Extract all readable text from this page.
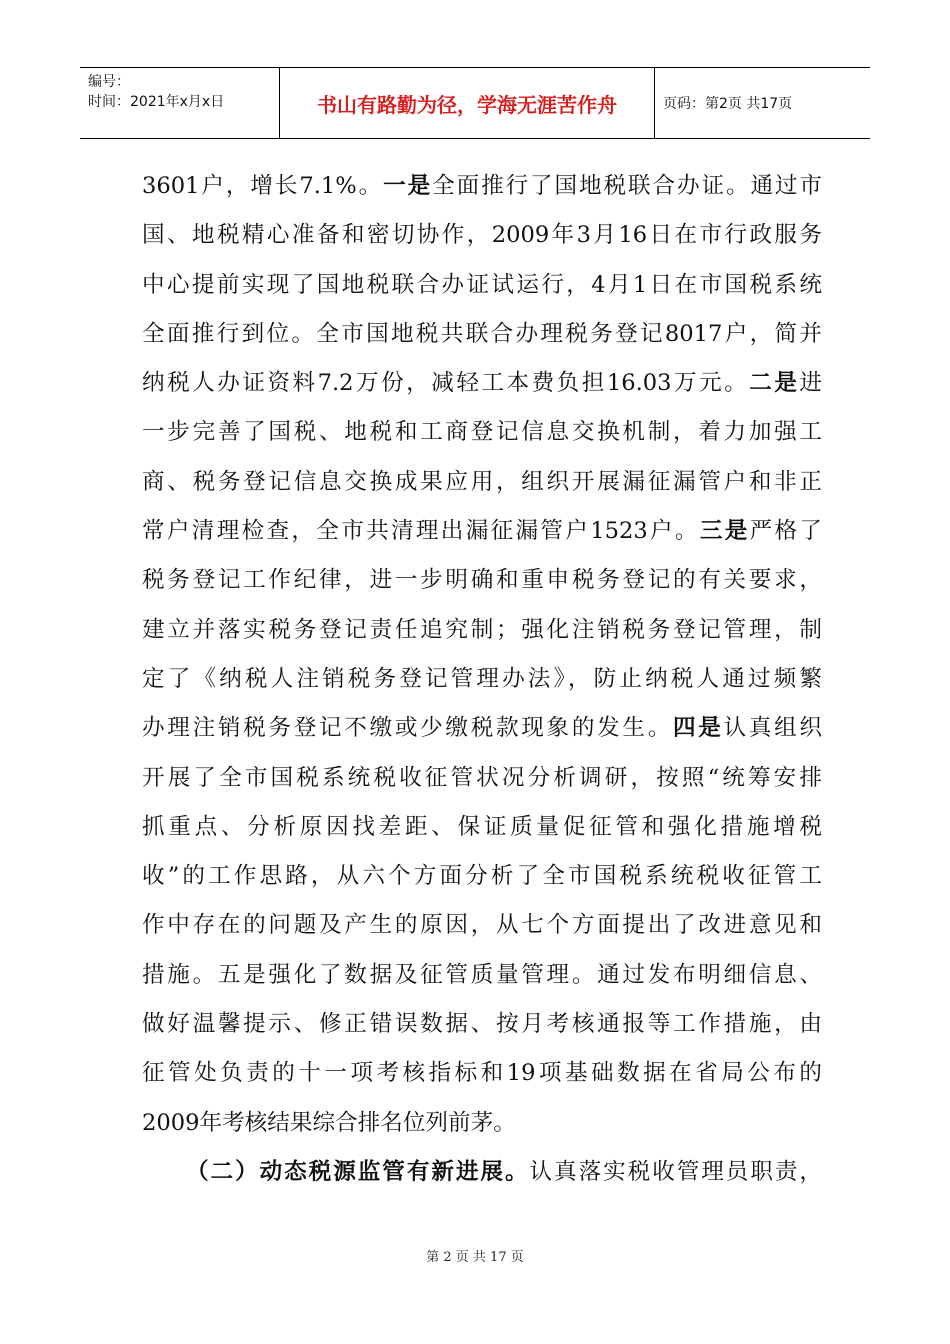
编号：
时间：2021年x月x日	书山有路勤为径，学海无涯苦作舟	页码：第2页 共17页
3601户，增长7.1%。一是全面推行了国地税联合办证。通过市
国、地税精心准备和密切协作，2009年3月16日在市行政服务
中心提前实现了国地税联合办证试运行，4月1日在市国税系统
全面推行到位。全市国地税共联合办理税务登记8017户，简并
纳税人办证资料7.2万份，减轻工本费负担16.03万元。二是进
一步完善了国税、地税和工商登记信息交换机制，着力加强工
商、税务登记信息交换成果应用，组织开展漏征漏管户和非正
常户清理检查，全市共清理出漏征漏管户1523户。三是严格了
税务登记工作纪律，进一步明确和重申税务登记的有关要求，
建立并落实税务登记责任追究制；强化注销税务登记管理，制
定了《纳税人注销税务登记管理办法》，防止纳税人通过频繁
办理注销税务登记不缴或少缴税款现象的发生。四是认真组织
开展了全市国税系统税收征管状况分析调研，按照“统筹安排
抓重点、分析原因找差距、保证质量促征管和强化措施增税
收”的工作思路，从六个方面分析了全市国税系统税收征管工
作中存在的问题及产生的原因，从七个方面提出了改进意见和
措施。五是强化了数据及征管质量管理。通过发布明细信息、
做好温馨提示、修正错误数据、按月考核通报等工作措施，由
征管处负责的十一项考核指标和19项基础数据在省局公布的
2009年考核结果综合排名位列前茅。
（二）动态税源监管有新进展。认真落实税收管理员职责，
第 2 页 共 17 页
